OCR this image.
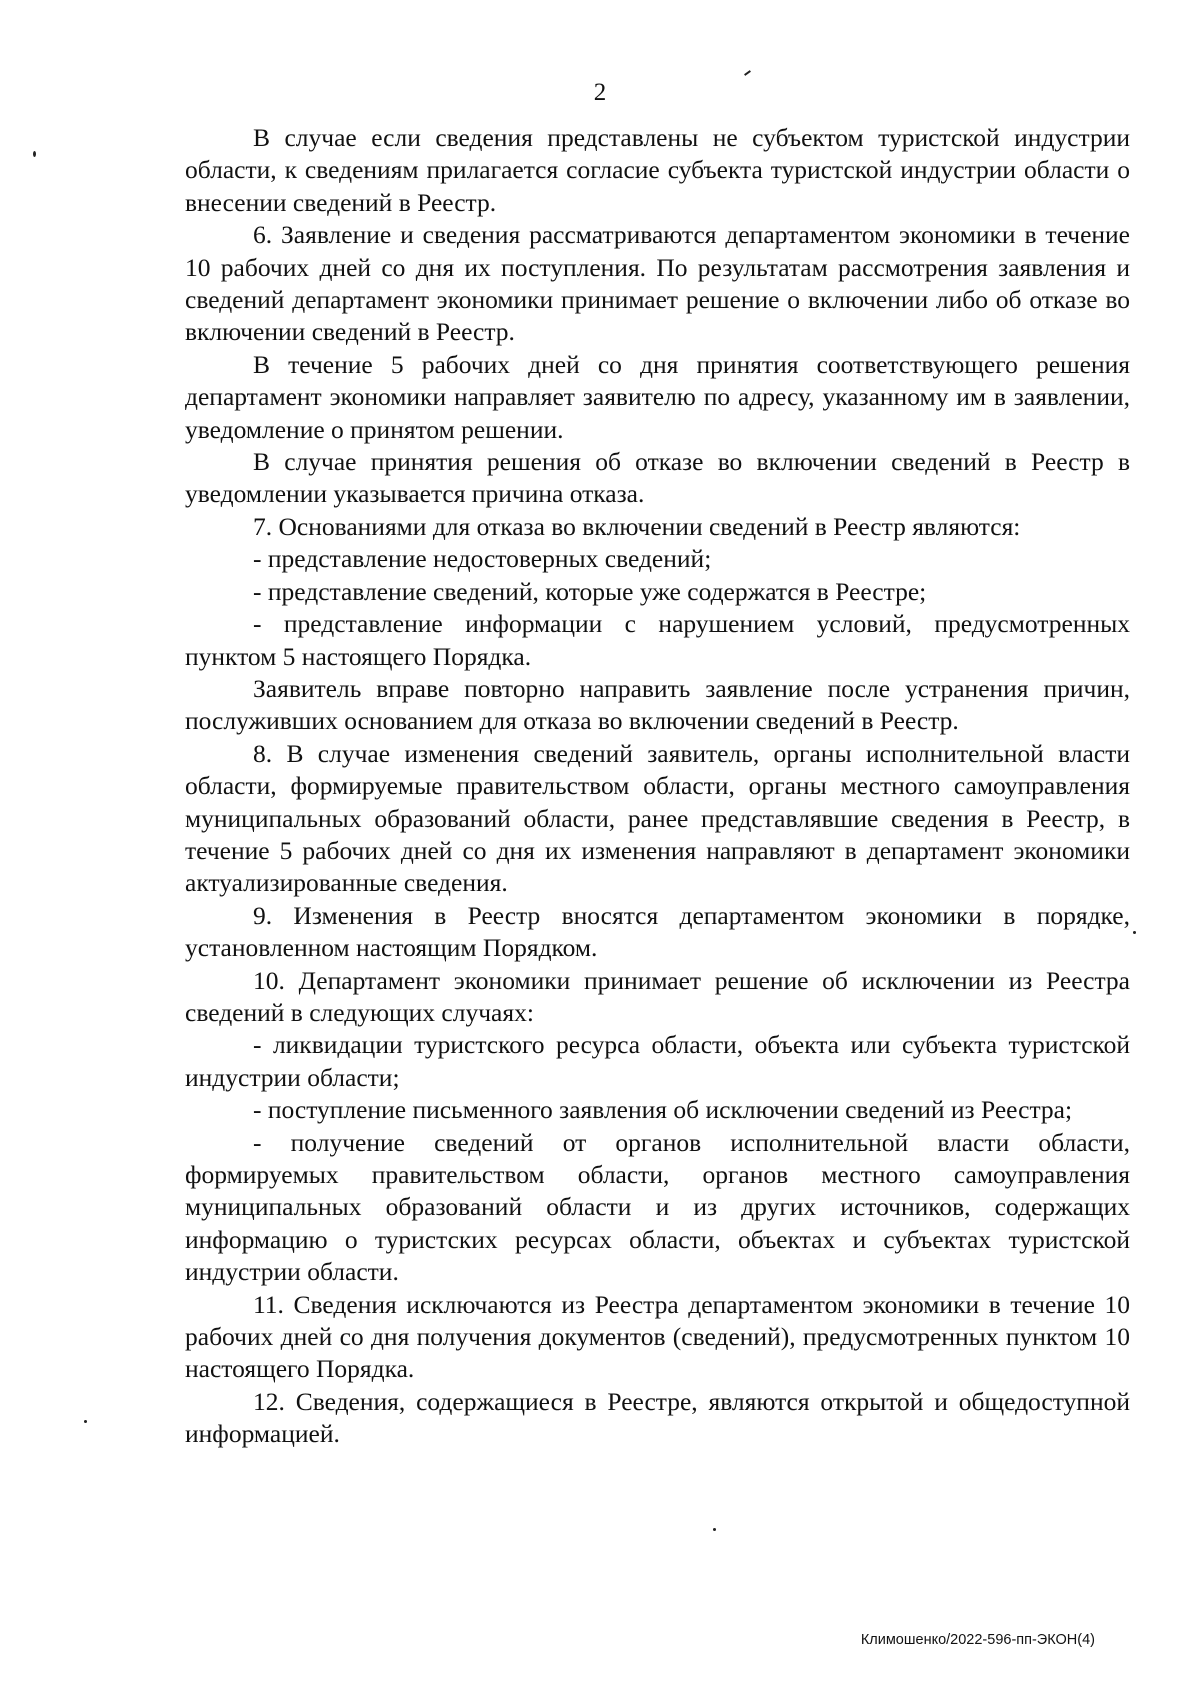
2

В случае если сведения представлены не субъектом туристской индустрии области, к сведениям прилагается согласие субъекта туристской индустрии области о внесении сведений в Реестр.

6. Заявление и сведения рассматриваются департаментом экономики в течение 10 рабочих дней со дня их поступления. По результатам рассмотрения заявления и сведений департамент экономики принимает решение о включении либо об отказе во включении сведений в Реестр.

В течение 5 рабочих дней со дня принятия соответствующего решения департамент экономики направляет заявителю по адресу, указанному им в заявлении, уведомление о принятом решении.

В случае принятия решения об отказе во включении сведений в Реестр в уведомлении указывается причина отказа.

7. Основаниями для отказа во включении сведений в Реестр являются:

- представление недостоверных сведений;

- представление сведений, которые уже содержатся в Реестре;

- представление информации с нарушением условий, предусмотренных пунктом 5 настоящего Порядка.

Заявитель вправе повторно направить заявление после устранения причин, послуживших основанием для отказа во включении сведений в Реестр.

8. В случае изменения сведений заявитель, органы исполнительной власти области, формируемые правительством области, органы местного самоуправления муниципальных образований области, ранее представлявшие сведения в Реестр, в течение 5 рабочих дней со дня их изменения направляют в департамент экономики актуализированные сведения.

9. Изменения в Реестр вносятся департаментом экономики в порядке, установленном настоящим Порядком.

10. Департамент экономики принимает решение об исключении из Реестра сведений в следующих случаях:

- ликвидации туристского ресурса области, объекта или субъекта туристской индустрии области;

- поступление письменного заявления об исключении сведений из Реестра;

- получение сведений от органов исполнительной власти области, формируемых правительством области, органов местного самоуправления муниципальных образований области и из других источников, содержащих информацию о туристских ресурсах области, объектах и субъектах туристской индустрии области.

11. Сведения исключаются из Реестра департаментом экономики в течение 10 рабочих дней со дня получения документов (сведений), предусмотренных пунктом 10 настоящего Порядка.

12. Сведения, содержащиеся в Реестре, являются открытой и общедоступной информацией.

Климошенко/2022-596-пп-ЭКОН(4)
